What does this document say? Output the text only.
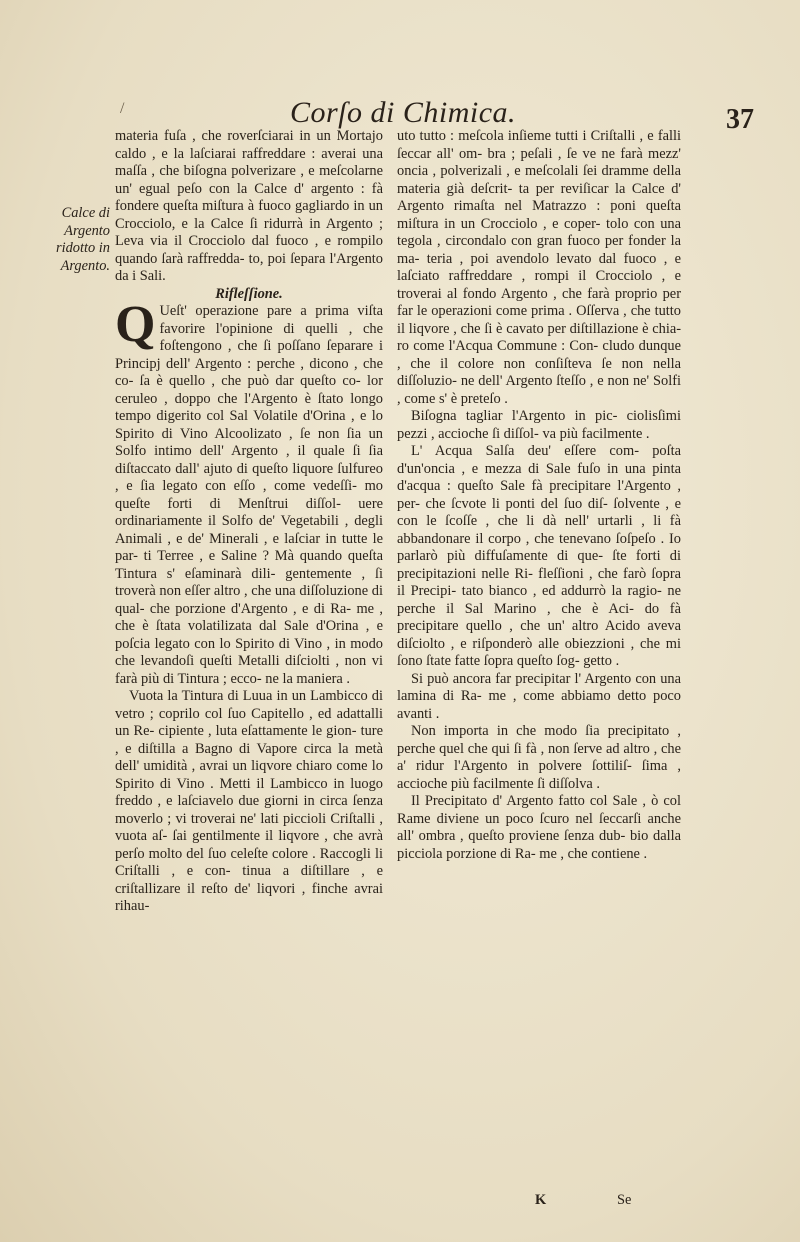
/	Corſo di Chimica.	37
Calce di
Argento
ridotto in
Argento.

materia fuſa , che roverſciarai in un Mortajo caldo , e la laſciarai raffreddare : averai una maſſa , che biſogna polverizare , e meſcolarne un' egual peſo con la Calce d' argento : fà fondere queſta miſtura à fuoco gagliardo in un Crocciolo, e la Calce ſi ridurrà in Argento ; Leva via il Crocciolo dal fuoco , e rompilo quando ſarà raffredda- to, poi ſepara l'Argento da i Sali.

Rifleſſione.

Q Ueſt' operazione pare a prima viſta favorire l'opinione di quelli , che foſtengono , che ſi poſſano ſeparare i Principj dell' Argento : perche , dicono , che co- ſa è quello , che può dar queſto co- lor ceruleo , doppo che l'Argento è ſtato longo tempo digerito col Sal Volatile d'Orina , e lo Spirito di Vino Alcoolizato , ſe non ſia un Solfo intimo dell' Argento , il quale ſi ſia diſtaccato dall' ajuto di queſto liquore ſulfureo , e ſia legato con eſſo , come vedeſſi- mo queſte forti di Menſtrui diſſol- uere ordinariamente il Solfo de' Vegetabili , degli Animali , e de' Minerali , e laſciar in tutte le par- ti Terree , e Saline ? Mà quando queſta Tintura s' eſaminarà dili- gentemente , ſi troverà non eſſer altro , che una diſſoluzione di qual- che porzione d'Argento , e di Ra- me , che è ſtata volatilizata dal Sale d'Orina , e poſcia legato con lo Spirito di Vino , in modo che levandoſi queſti Metalli diſciolti , non vi farà più di Tintura ; ecco- ne la maniera .

Vuota la Tintura di Luua in un Lambicco di vetro ; coprilo col ſuo Capitello , ed adattalli un Re- cipiente , luta eſattamente le gion- ture , e diſtilla a Bagno di Vapore circa la metà dell' umidità , avrai un liqvore chiaro come lo Spirito di Vino . Metti il Lambicco in luogo freddo , e laſciavelo due giorni in circa ſenza moverlo ; vi troverai ne' lati piccioli Criſtalli , vuota aſ- ſai gentilmente il liqvore , che avrà perſo molto del ſuo celeſte colore . Raccogli li Criſtalli , e con- tinua a diſtillare , e criſtallizare il reſto de' liqvori , finche avrai rihau-

uto tutto : meſcola inſieme tutti i Criſtalli , e falli ſeccar all' om- bra ; peſali , ſe ve ne farà mezz' oncia , polverizali , e meſcolali ſei dramme della materia già deſcrit- ta per reviſicar la Calce d' Argento rimaſta nel Matrazzo : poni queſta miſtura in un Crocciolo , e coper- tolo con una tegola , circondalo con gran fuoco per fonder la ma- teria , poi avendolo levato dal fuoco , e laſciato raffreddare , rompi il Crocciolo , e troverai al fondo Argento , che farà proprio per far le operazioni come prima . Oſſerva , che tutto il liqvore , che ſi è cavato per diſtillazione è chia- ro come l'Acqua Commune : Con- cludo dunque , che il colore non conſiſteva ſe non nella diſſoluzio- ne dell' Argento ſteſſo , e non ne' Solfi , come s' è preteſo .

Biſogna tagliar l'Argento in pic- ciolisſimi pezzi , accioche ſi diſſol- va più facilmente .

L' Acqua Salſa deu' eſſere com- poſta d'un'oncia , e mezza di Sale fuſo in una pinta d'acqua : queſto Sale fà precipitare l'Argento , per- che ſcvote li ponti del ſuo diſ- ſolvente , e con le ſcoſſe , che li dà nell' urtarli , li fà abbandonare il corpo , che tenevano ſoſpeſo . Io parlarò più diffuſamente di que- ſte forti di precipitazioni nelle Ri- fleſſioni , che farò ſopra il Precipi- tato bianco , ed addurrò la ragio- ne perche il Sal Marino , che è Aci- do fà precipitare quello , che un' altro Acido aveva diſciolto , e riſponderò alle obiezzioni , che mi ſono ſtate fatte ſopra queſto ſog- getto .

Si può ancora far precipitar l' Argento con una lamina di Ra- me , come abbiamo detto poco avanti .

Non importa in che modo ſia precipitato , perche quel che qui ſi fà , non ſerve ad altro , che a' ridur l'Argento in polvere ſottiliſ- ſima , accioche più facilmente ſi diſſolva .

Il Precipitato d' Argento fatto col Sale , ò col Rame diviene un poco ſcuro nel ſeccarſi anche all' ombra , queſto proviene ſenza dub- bio dalla picciola porzione di Ra- me , che contiene .

K	Se
